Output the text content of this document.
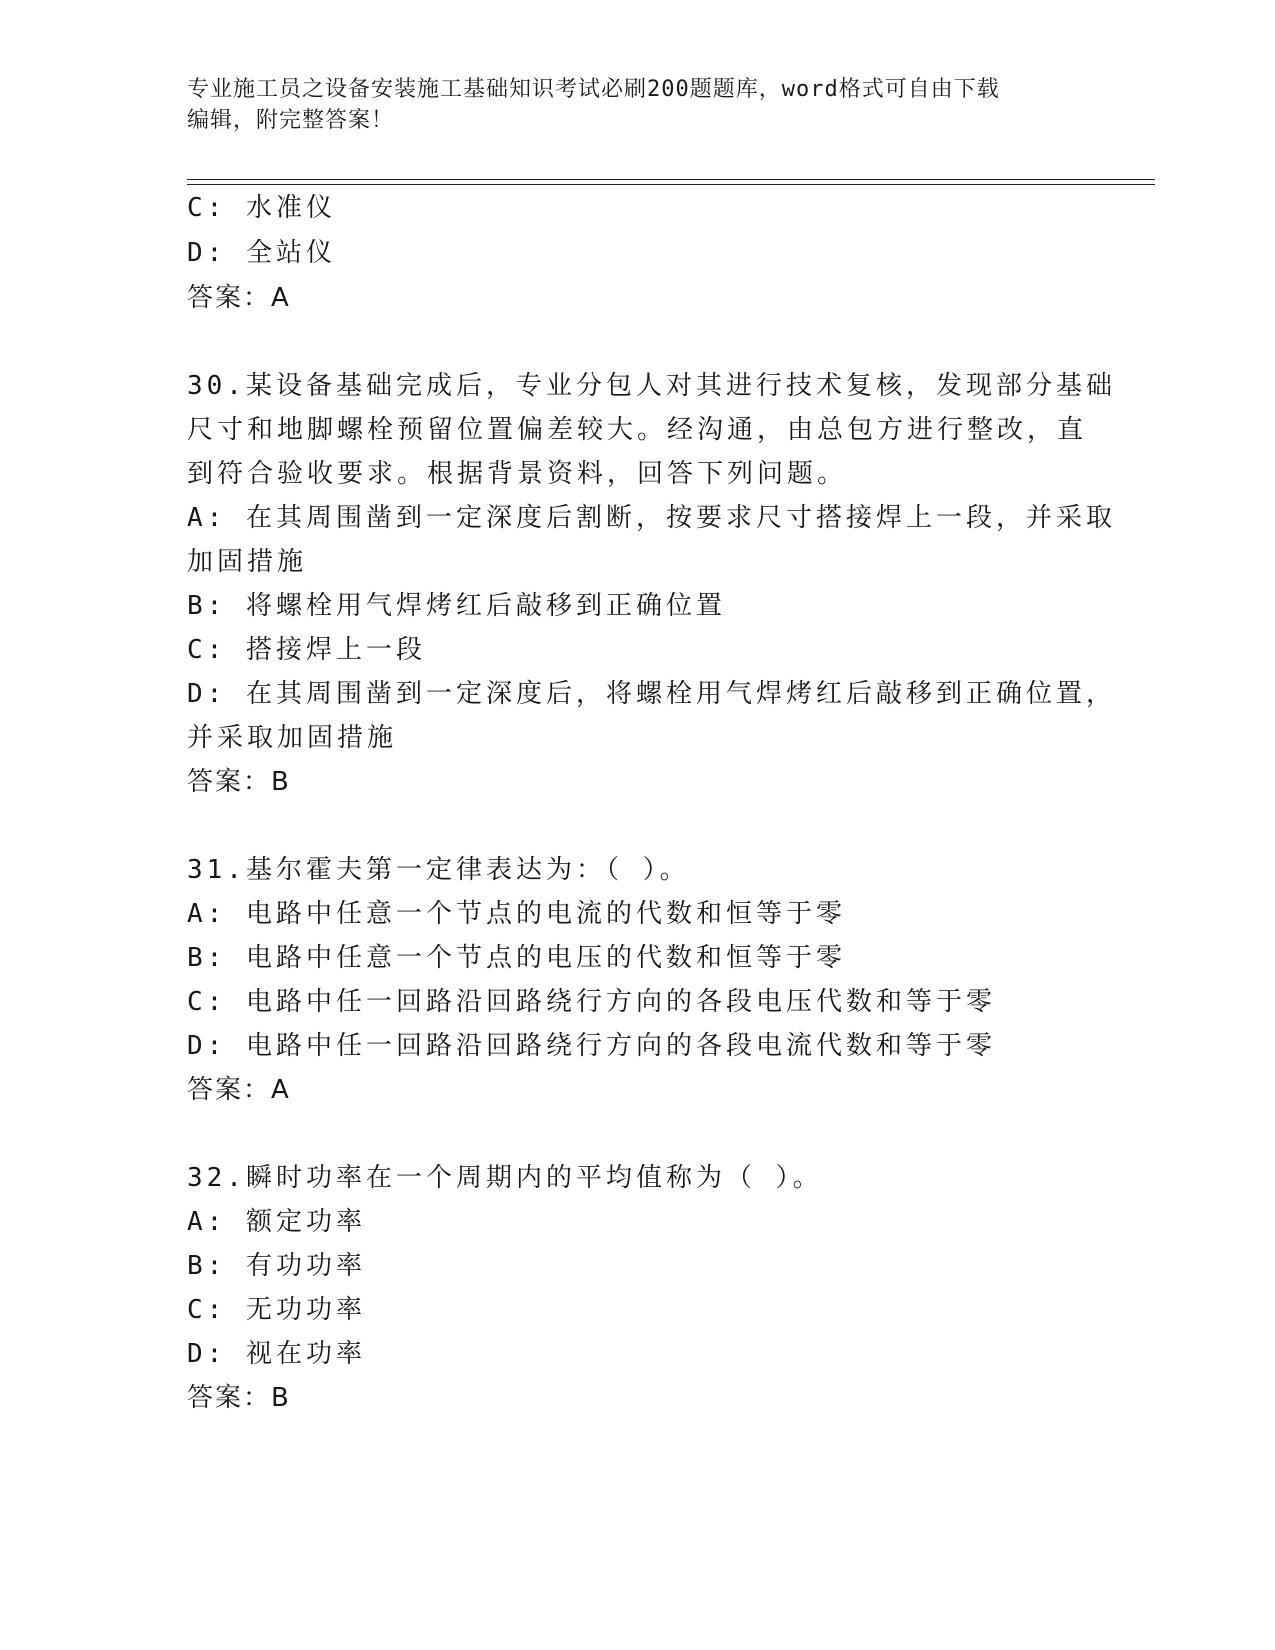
专业施工员之设备安装施工基础知识考试必刷200题题库，word格式可自由下载
编辑，附完整答案！
C: 水准仪
D: 全站仪
答案：A
30.某设备基础完成后，专业分包人对其进行技术复核，发现部分基础
尺寸和地脚螺栓预留位置偏差较大。经沟通，由总包方进行整改，直
到符合验收要求。根据背景资料，回答下列问题。
A: 在其周围凿到一定深度后割断，按要求尺寸搭接焊上一段，并采取
加固措施
B: 将螺栓用气焊烤红后敲移到正确位置
C: 搭接焊上一段
D: 在其周围凿到一定深度后，将螺栓用气焊烤红后敲移到正确位置，
并采取加固措施
答案：B
31.基尔霍夫第一定律表达为：（ ）。
A: 电路中任意一个节点的电流的代数和恒等于零
B: 电路中任意一个节点的电压的代数和恒等于零
C: 电路中任一回路沿回路绕行方向的各段电压代数和等于零
D: 电路中任一回路沿回路绕行方向的各段电流代数和等于零
答案：A
32.瞬时功率在一个周期内的平均值称为（ ）。
A: 额定功率
B: 有功功率
C: 无功功率
D: 视在功率
答案：B
